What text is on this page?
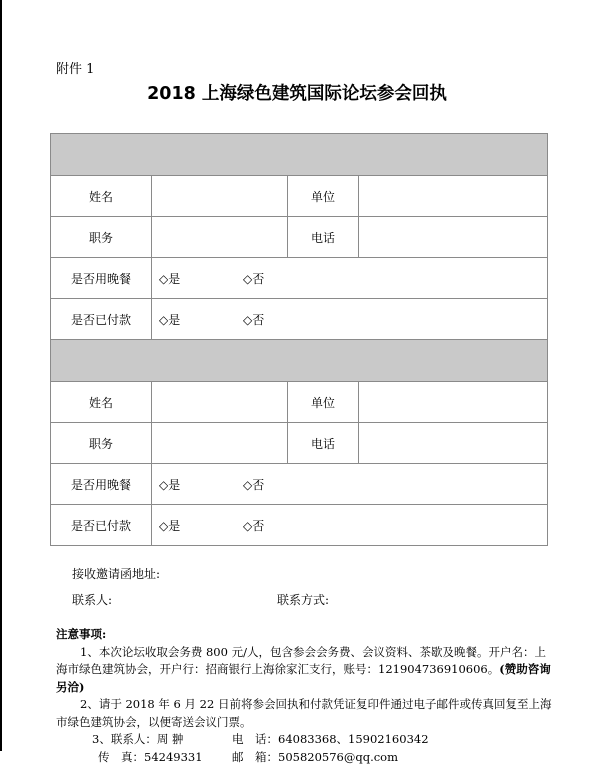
附件 1
2018 上海绿色建筑国际论坛参会回执

姓名		单位	
职务		电话	
是否用晚餐	◇是 ◇否		
是否已付款	◇是 ◇否		

姓名		单位	
职务		电话	
是否用晚餐	◇是 ◇否		
是否已付款	◇是 ◇否		
接收邀请函地址:
联系人:	联系方式:
注意事项:

1、本次论坛收取会务费 800 元/人，包含参会会务费、会议资料、茶歇及晚餐。开户名：上海市绿色建筑协会，开户行：招商银行上海徐家汇支行，账号：121904736910606。(赞助咨询另洽)

2、请于 2018 年 6 月 22 日前将参会回执和付款凭证复印件通过电子邮件或传真回复至上海市绿色建筑协会，以便寄送会议门票。

3、联系人：周 翀	电　话：64083368、15902160342
传　真：54249331	邮　箱：505820576@qq.com
